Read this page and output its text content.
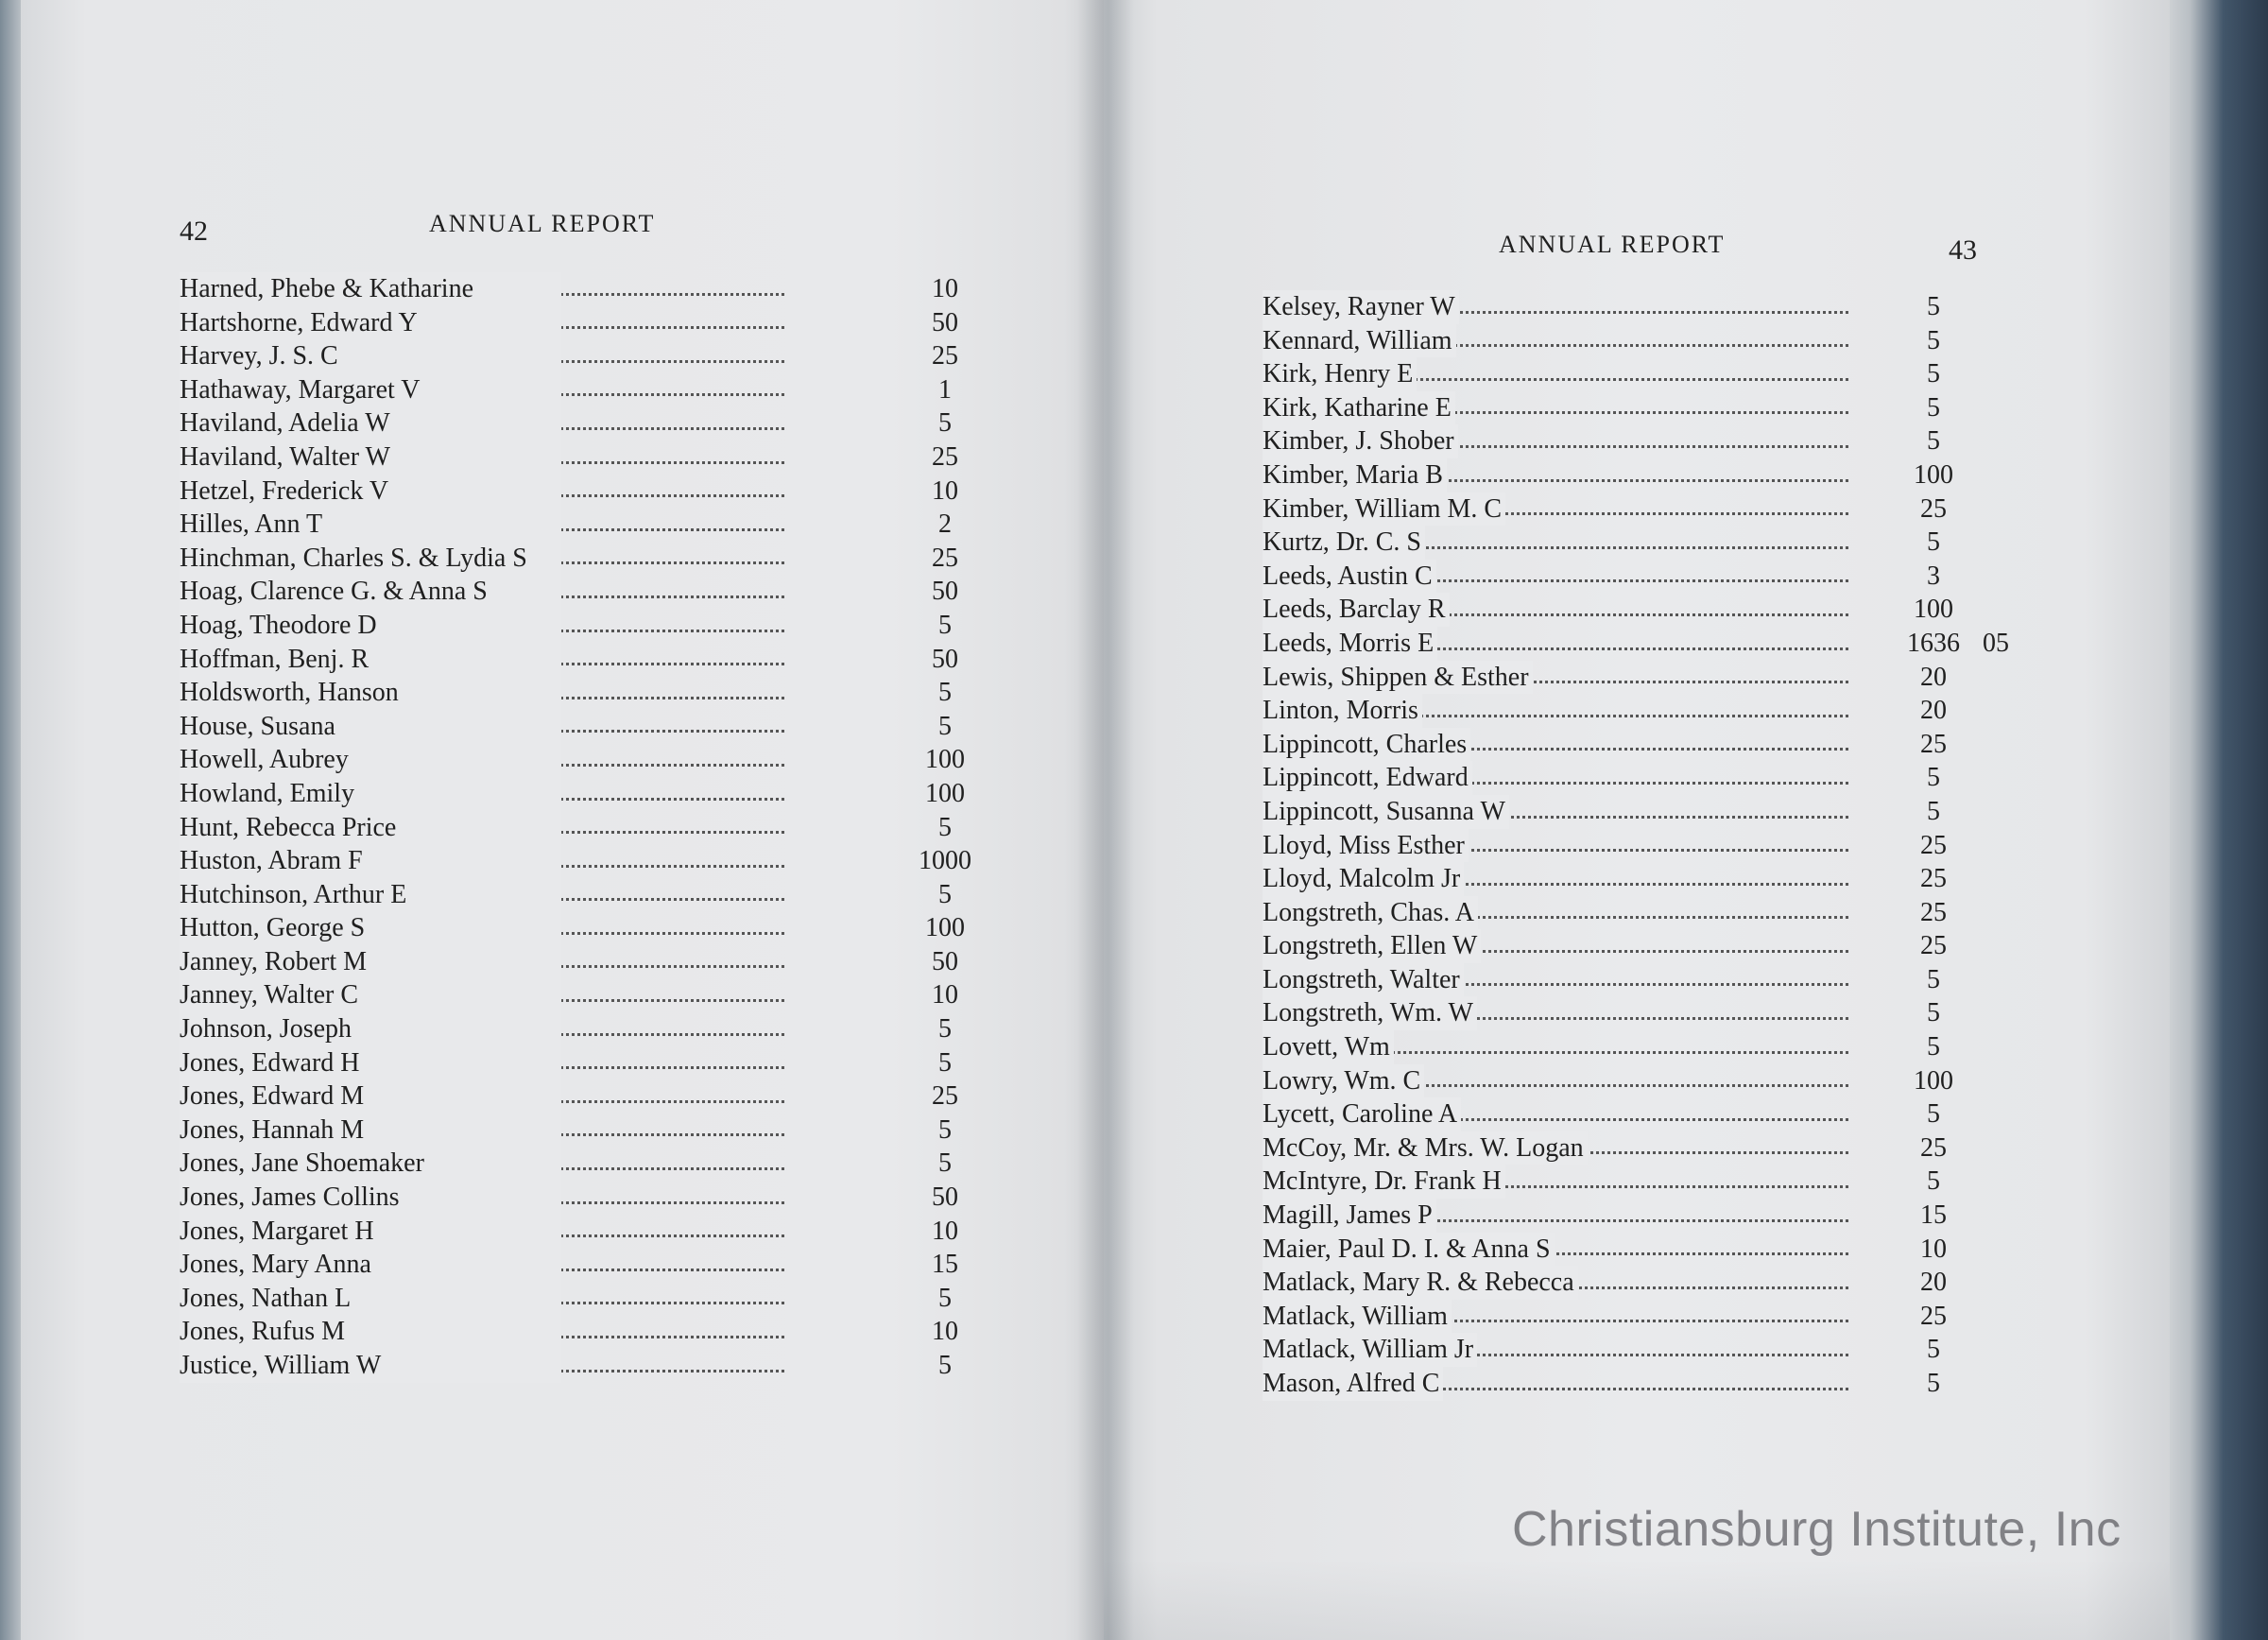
42	ANNUAL REPORT
Harned, Phebe & Katharine	10
Hartshorne, Edward Y	50
Harvey, J. S. C	25
Hathaway, Margaret V	1
Haviland, Adelia W	5
Haviland, Walter W	25
Hetzel, Frederick V	10
Hilles, Ann T	2
Hinchman, Charles S. & Lydia S	25
Hoag, Clarence G. & Anna S	50
Hoag, Theodore D	5
Hoffman, Benj. R	50
Holdsworth, Hanson	5
House, Susana	5
Howell, Aubrey	100
Howland, Emily	100
Hunt, Rebecca Price	5
Huston, Abram F	1000
Hutchinson, Arthur E	5
Hutton, George S	100
Janney, Robert M	50
Janney, Walter C	10
Johnson, Joseph	5
Jones, Edward H	5
Jones, Edward M	25
Jones, Hannah M	5
Jones, Jane Shoemaker	5
Jones, James Collins	50
Jones, Margaret H	10
Jones, Mary Anna	15
Jones, Nathan L	5
Jones, Rufus M	10
Justice, William W	5
ANNUAL REPORT	43
Kelsey, Rayner W	5
Kennard, William	5
Kirk, Henry E	5
Kirk, Katharine E	5
Kimber, J. Shober	5
Kimber, Maria B	100
Kimber, William M. C	25
Kurtz, Dr. C. S	5
Leeds, Austin C	3
Leeds, Barclay R	100
Leeds, Morris E	1636 05
Lewis, Shippen & Esther	20
Linton, Morris	20
Lippincott, Charles	25
Lippincott, Edward	5
Lippincott, Susanna W	5
Lloyd, Miss Esther	25
Lloyd, Malcolm Jr	25
Longstreth, Chas. A	25
Longstreth, Ellen W	25
Longstreth, Walter	5
Longstreth, Wm. W	5
Lovett, Wm	5
Lowry, Wm. C	100
Lycett, Caroline A	5
McCoy, Mr. & Mrs. W. Logan	25
McIntyre, Dr. Frank H	5
Magill, James P	15
Maier, Paul D. I. & Anna S	10
Matlack, Mary R. & Rebecca	20
Matlack, William	25
Matlack, William Jr	5
Mason, Alfred C	5
Christiansburg Institute, Inc
